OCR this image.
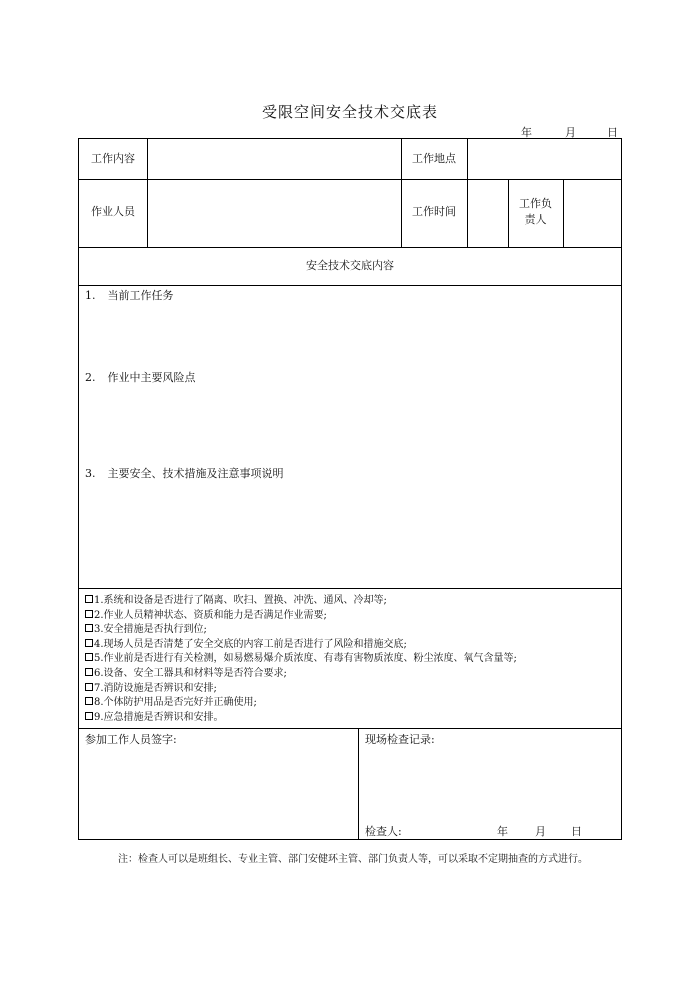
受限空间安全技术交底表
年	月	日
工作内容	工作地点
作业人员	工作时间
工作负
责人
安全技术交底内容
1. 当前工作任务
2. 作业中主要风险点
3. 主要安全、技术措施及注意事项说明
1.系统和设备是否进行了隔离、吹扫、置换、冲洗、通风、冷却等;
2.作业人员精神状态、资质和能力是否满足作业需要;
3.安全措施是否执行到位;
4.现场人员是否清楚了安全交底的内容工前是否进行了风险和措施交底;
5.作业前是否进行有关检测，如易燃易爆介质浓度、有毒有害物质浓度、粉尘浓度、氧气含量等;
6.设备、安全工器具和材料等是否符合要求;
7.消防设施是否辨识和安排;
8.个体防护用品是否完好并正确使用;
9.应急措施是否辨识和安排。
参加工作人员签字:	现场检查记录:
检查人:	年 月 日
注：检查人可以是班组长、专业主管、部门安健环主管、部门负责人等，可以采取不定期抽查的方式进行。
